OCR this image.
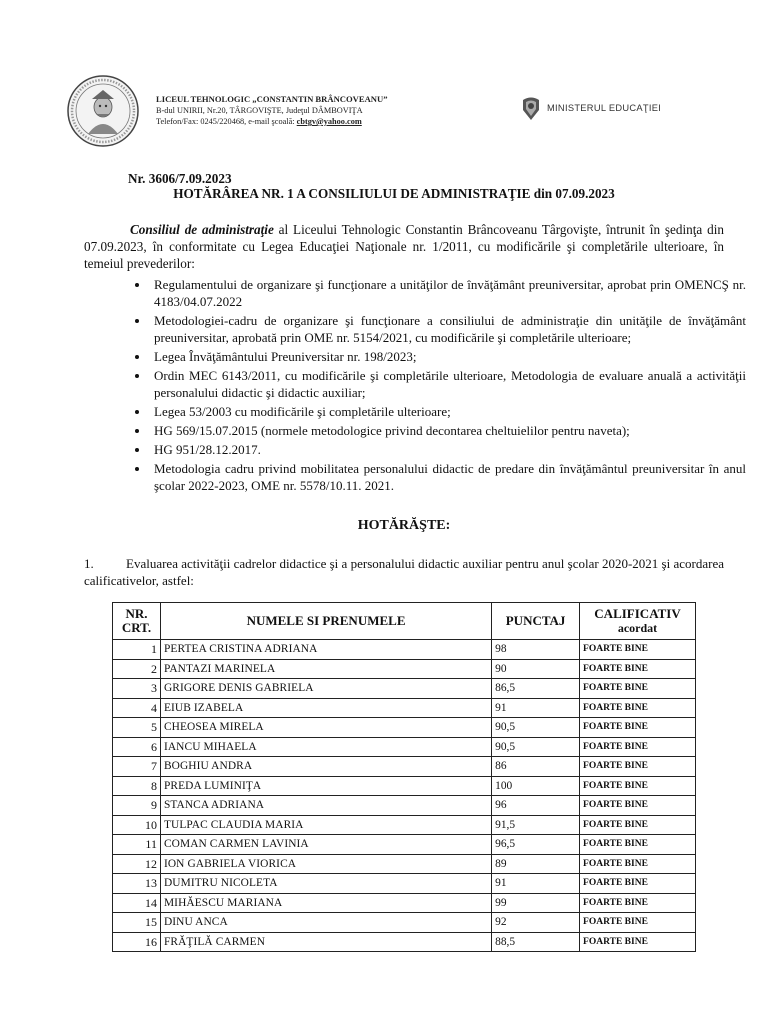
LICEUL TEHNOLOGIC „CONSTANTIN BRÂNCOVEANU”
B-dul UNIRII, Nr.20, TÂRGOVIŞTE, Judeţul DÂMBOVIŢA
Telefon/Fax: 0245/220468, e-mail şcoală: cbtgv@yahoo.com
MINISTERUL EDUCAŢIEI
Nr. 3606/7.09.2023
HOTĂRÂREA NR. 1 A CONSILIULUI DE ADMINISTRAŢIE din 07.09.2023

Consiliul de administraţie al Liceului Tehnologic Constantin Brâncoveanu Târgovişte, întrunit în şedinţa din 07.09.2023, în conformitate cu Legea Educaţiei Naţionale nr. 1/2011, cu modificările şi completările ulterioare, în temeiul prevederilor:

• Regulamentului de organizare şi funcţionare a unităţilor de învăţământ preuniversitar, aprobat prin OMENCŞ nr. 4183/04.07.2022
• Metodologiei-cadru de organizare şi funcţionare a consiliului de administraţie din unităţile de învăţământ preuniversitar, aprobată prin OME nr. 5154/2021, cu modificările şi completările ulterioare;
• Legea Învăţământului Preuniversitar nr. 198/2023;
• Ordin MEC 6143/2011, cu modificările şi completările ulterioare, Metodologia de evaluare anuală a activităţii personalului didactic şi didactic auxiliar;
• Legea 53/2003 cu modificările şi completările ulterioare;
• HG 569/15.07.2015 (normele metodologice privind decontarea cheltuielilor pentru naveta);
• HG 951/28.12.2017.
• Metodologia cadru privind mobilitatea personalului didactic de predare din învăţământul preuniversitar în anul şcolar 2022-2023, OME nr. 5578/10.11. 2021.
HOTĂRĂŞTE:
1. Evaluarea activităţii cadrelor didactice şi a personalului didactic auxiliar pentru anul şcolar 2020-2021 şi acordarea calificativelor, astfel:
NR.
CRT.	NUMELE SI PRENUMELE	PUNCTAJ	CALIFICATIV
acordat
1	PERTEA CRISTINA ADRIANA	98	FOARTE BINE
2	PANTAZI MARINELA	90	FOARTE BINE
3	GRIGORE DENIS GABRIELA	86,5	FOARTE BINE
4	EIUB IZABELA	91	FOARTE BINE
5	CHEOSEA MIRELA	90,5	FOARTE BINE
6	IANCU MIHAELA	90,5	FOARTE BINE
7	BOGHIU ANDRA	86	FOARTE BINE
8	PREDA LUMINIŢA	100	FOARTE BINE
9	STANCA ADRIANA	96	FOARTE BINE
10	TULPAC CLAUDIA MARIA	91,5	FOARTE BINE
11	COMAN CARMEN LAVINIA	96,5	FOARTE BINE
12	ION GABRIELA VIORICA	89	FOARTE BINE
13	DUMITRU NICOLETA	91	FOARTE BINE
14	MIHĂESCU MARIANA	99	FOARTE BINE
15	DINU ANCA	92	FOARTE BINE
16	FRĂŢILĂ CARMEN	88,5	FOARTE BINE
